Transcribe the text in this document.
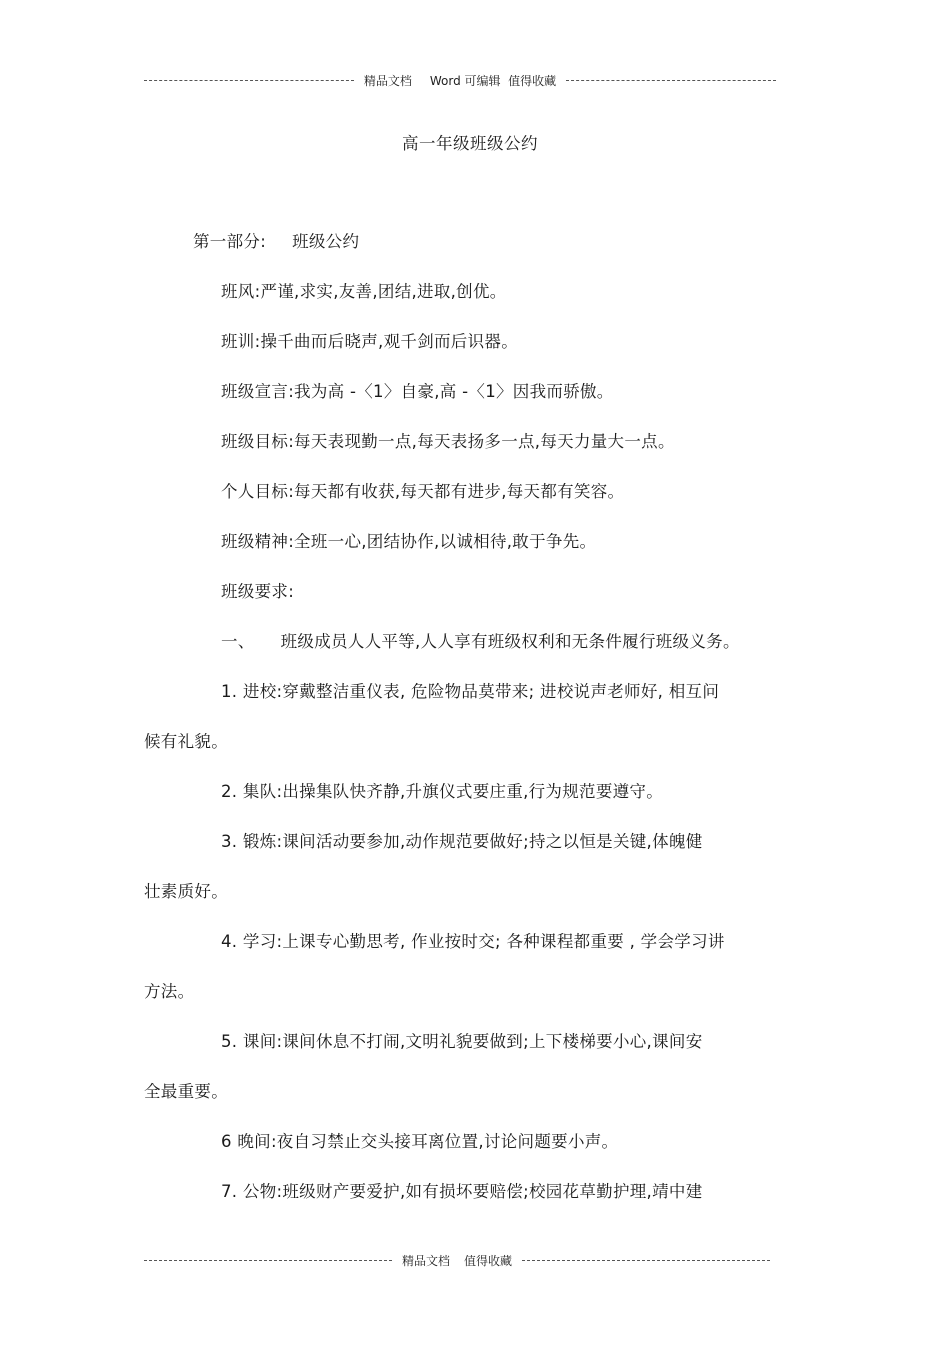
精品文档 Word 可编辑 值得收藏
高一年级班级公约
第一部分: 班级公约
班风:严谨,求实,友善,团结,进取,创优。
班训:操千曲而后晓声,观千剑而后识器。
班级宣言:我为高 -〈1〉自豪,高 -〈1〉因我而骄傲。
班级目标:每天表现勤一点,每天表扬多一点,每天力量大一点。
个人目标:每天都有收获,每天都有进步,每天都有笑容。
班级精神:全班一心,团结协作,以诚相待,敢于争先。
班级要求:
一、 班级成员人人平等,人人享有班级权利和无条件履行班级义务。
1. 进校:穿戴整洁重仪表, 危险物品莫带来; 进校说声老师好, 相互问
候有礼貌。
2. 集队:出操集队快齐静,升旗仪式要庄重,行为规范要遵守。
3. 锻炼:课间活动要参加,动作规范要做好;持之以恒是关键,体魄健
壮素质好。
4. 学习:上课专心勤思考, 作业按时交; 各种课程都重要 , 学会学习讲
方法。
5. 课间:课间休息不打闹,文明礼貌要做到;上下楼梯要小心,课间安
全最重要。
6 晚间:夜自习禁止交头接耳离位置,讨论问题要小声。
7. 公物:班级财产要爱护,如有损坏要赔偿;校园花草勤护理,靖中建
精品文档 值得收藏
